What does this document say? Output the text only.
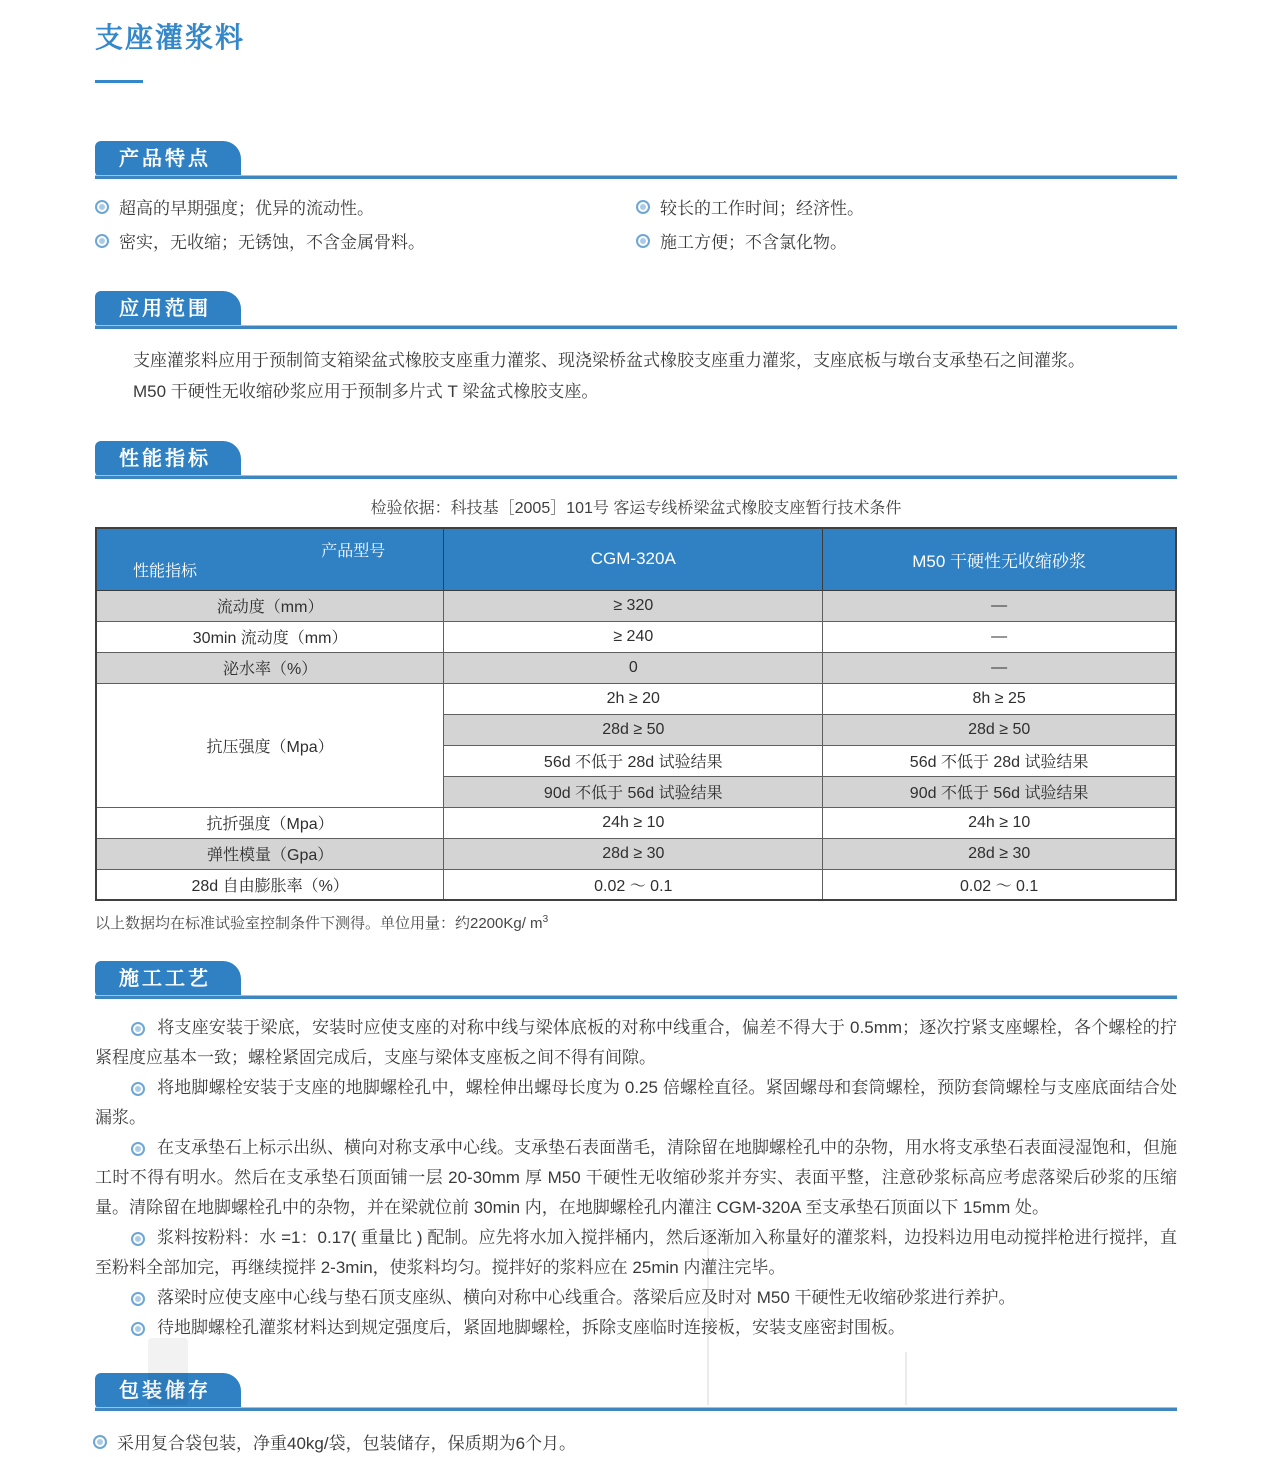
支座灌浆料
产品特点
超高的早期强度；优异的流动性。
密实，无收缩；无锈蚀，不含金属骨料。
较长的工作时间；经济性。
施工方便；不含氯化物。
应用范围

支座灌浆料应用于预制简支箱梁盆式橡胶支座重力灌浆、现浇梁桥盆式橡胶支座重力灌浆，支座底板与墩台支承垫石之间灌浆。

M50 干硬性无收缩砂浆应用于预制多片式 T 梁盆式橡胶支座。

性能指标
检验依据：科技基［2005］101号 客运专线桥梁盆式橡胶支座暂行技术条件
产品型号
性能指标	CGM-320A	M50 干硬性无收缩砂浆
流动度（mm）	≥ 320	—
30min 流动度（mm）	≥ 240	—
泌水率（%）	0	—
抗压强度（Mpa）	2h ≥ 20	8h ≥ 25
	28d ≥ 50	28d ≥ 50
	56d 不低于 28d 试验结果	56d 不低于 28d 试验结果
	90d 不低于 56d 试验结果	90d 不低于 56d 试验结果
抗折强度（Mpa）	24h ≥ 10	24h ≥ 10
弹性模量（Gpa）	28d ≥ 30	28d ≥ 30
28d 自由膨胀率（%）	0.02 ～ 0.1	0.02 ～ 0.1
以上数据均在标准试验室控制条件下测得。单位用量：约2200Kg/ $m^3$
施工工艺

将支座安装于梁底，安装时应使支座的对称中线与梁体底板的对称中线重合，偏差不得大于 0.5mm；逐次拧紧支座螺栓，各个螺栓的拧紧程度应基本一致；螺栓紧固完成后，支座与梁体支座板之间不得有间隙。

将地脚螺栓安装于支座的地脚螺栓孔中，螺栓伸出螺母长度为 0.25 倍螺栓直径。紧固螺母和套筒螺栓，预防套筒螺栓与支座底面结合处漏浆。

在支承垫石上标示出纵、横向对称支承中心线。支承垫石表面凿毛，清除留在地脚螺栓孔中的杂物，用水将支承垫石表面浸湿饱和，但施工时不得有明水。然后在支承垫石顶面铺一层 20-30mm 厚 M50 干硬性无收缩砂浆并夯实、表面平整，注意砂浆标高应考虑落梁后砂浆的压缩量。清除留在地脚螺栓孔中的杂物，并在梁就位前 30min 内，在地脚螺栓孔内灌注 CGM-320A 至支承垫石顶面以下 15mm 处。

浆料按粉料：水 =1：0.17( 重量比 ) 配制。应先将水加入搅拌桶内，然后逐渐加入称量好的灌浆料，边投料边用电动搅拌枪进行搅拌，直至粉料全部加完，再继续搅拌 2-3min，使浆料均匀。搅拌好的浆料应在 25min 内灌注完毕。

落梁时应使支座中心线与垫石顶支座纵、横向对称中心线重合。落梁后应及时对 M50 干硬性无收缩砂浆进行养护。

待地脚螺栓孔灌浆材料达到规定强度后，紧固地脚螺栓，拆除支座临时连接板，安装支座密封围板。

包装储存
采用复合袋包装，净重40kg/袋，包装储存，保质期为6个月。
